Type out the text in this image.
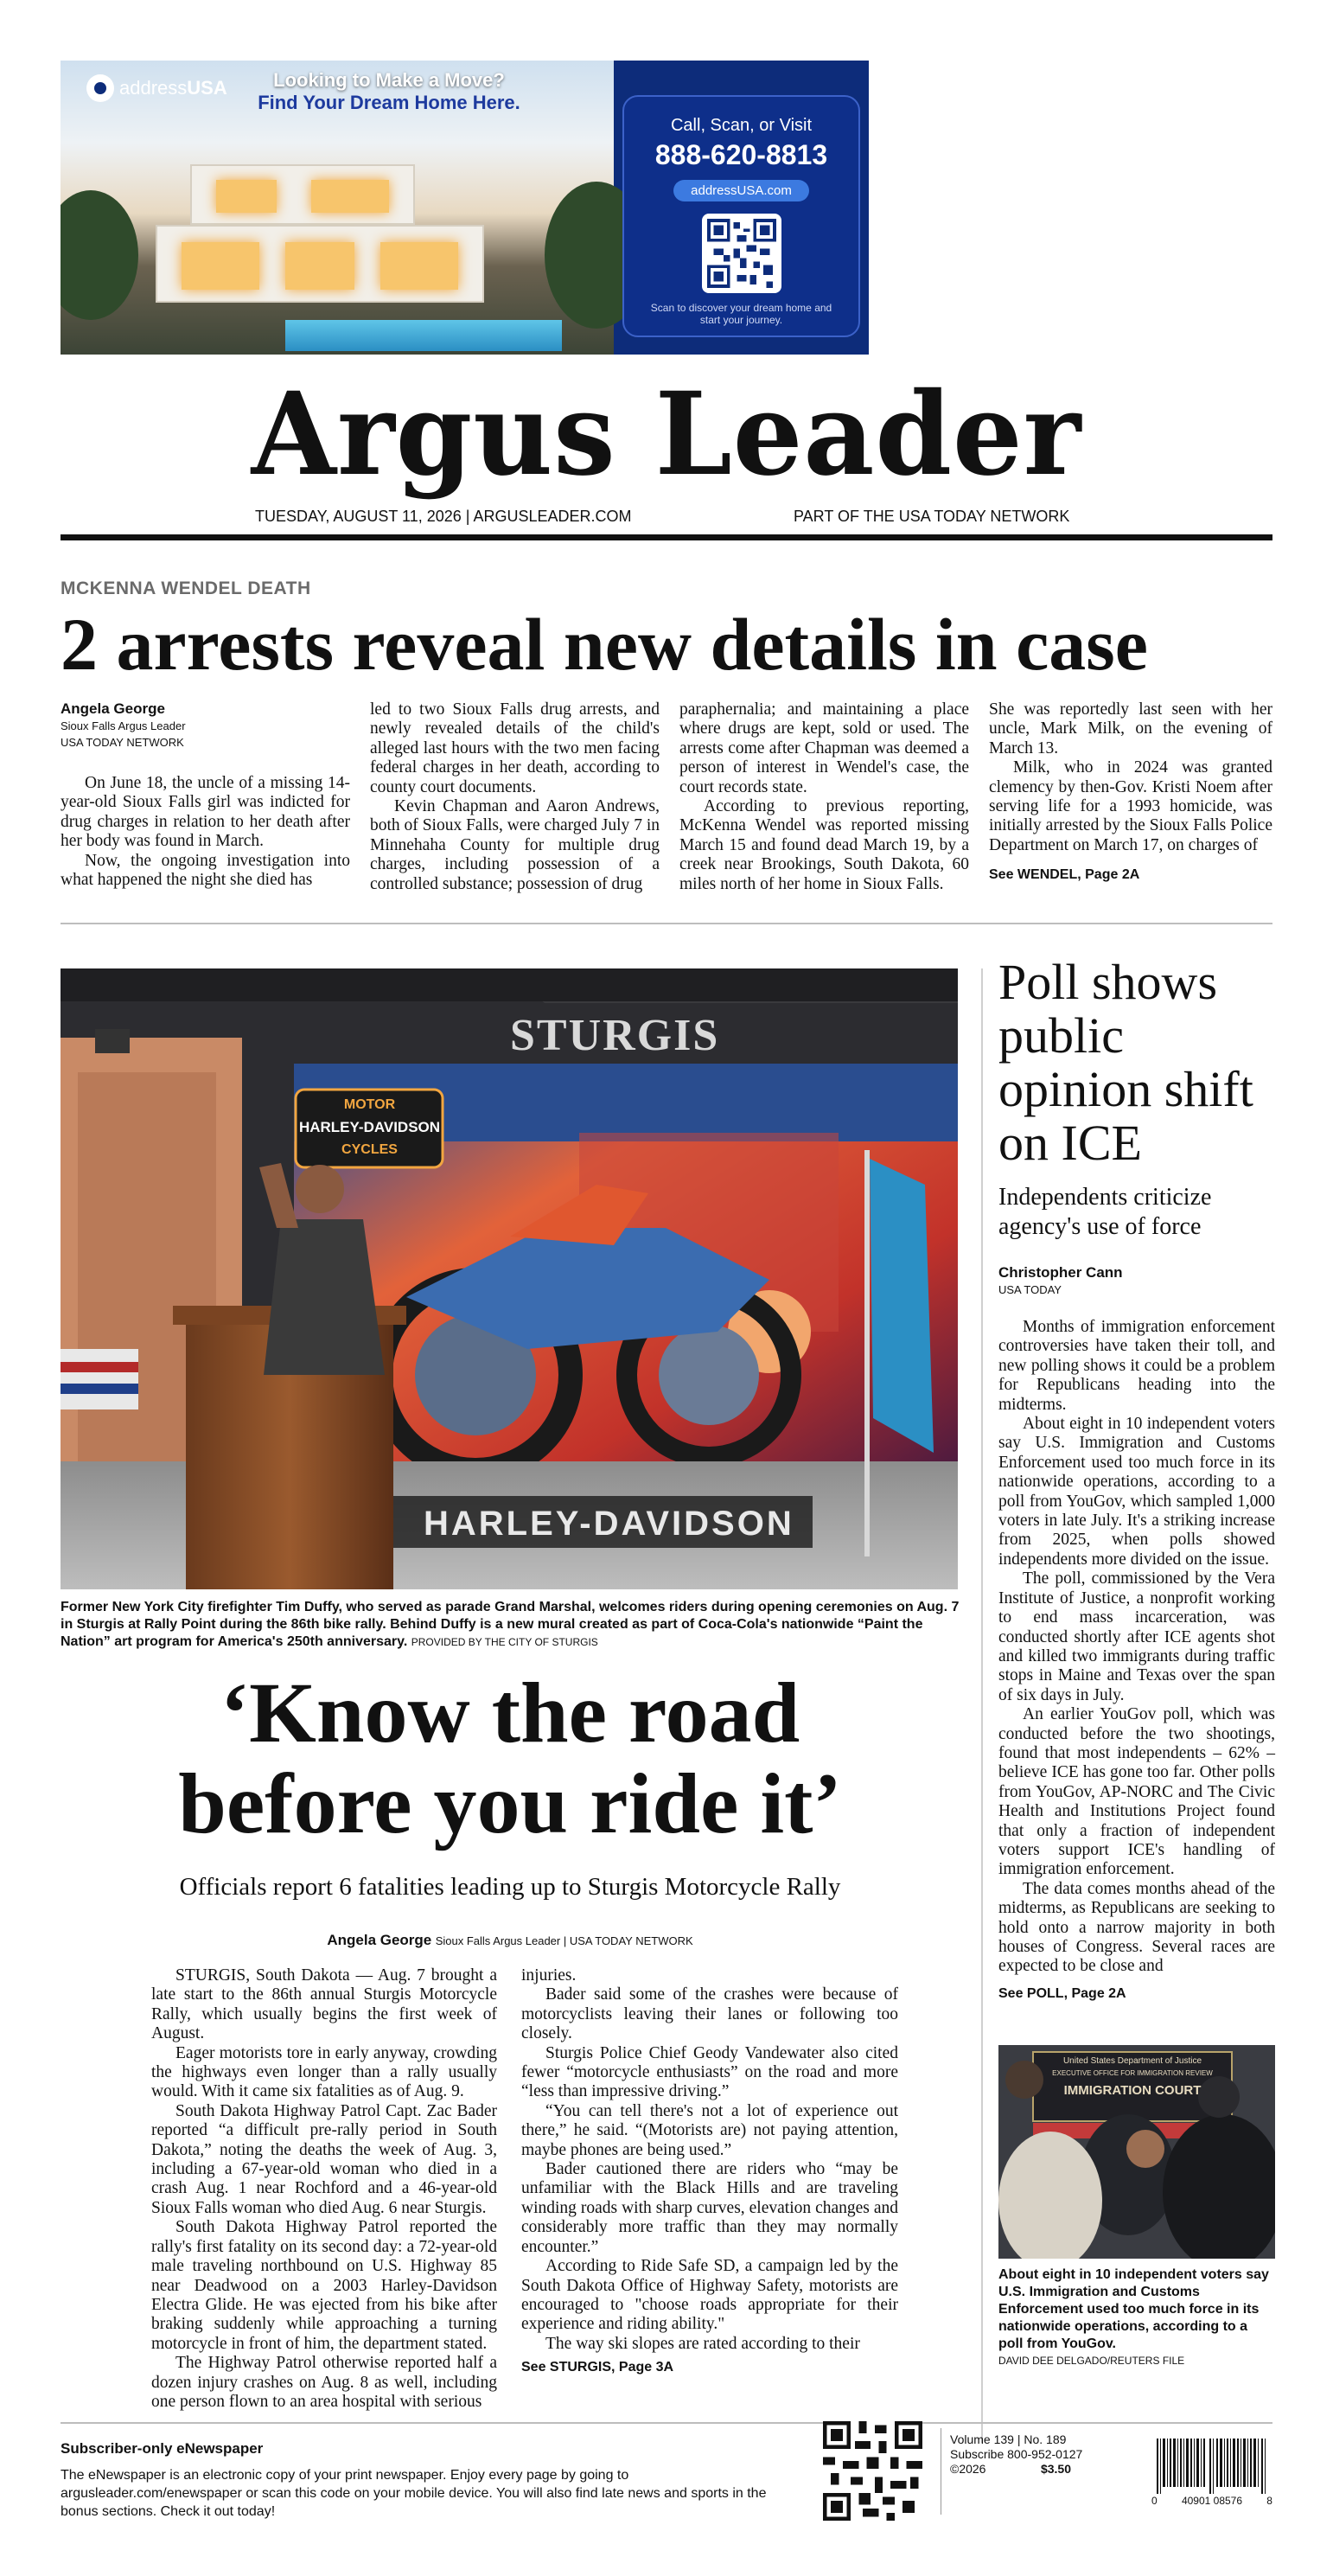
addressUSA	Looking to Make a Move?
Find Your Dream Home Here.
Call, Scan, or Visit
888-620-8813
addressUSA.com
Scan to discover your dream home and start your journey.
Argus Leader
TUESDAY, AUGUST 11, 2026 | ARGUSLEADER.COM	PART OF THE USA TODAY NETWORK
MCKENNA WENDEL DEATH
2 arrests reveal new details in case
Angela George
Sioux Falls Argus Leader
USA TODAY NETWORK

On June 18, the uncle of a missing 14-year-old Sioux Falls girl was indicted for drug charges in relation to her death after her body was found in March.

Now, the ongoing investigation into what happened the night she died has

led to two Sioux Falls drug arrests, and newly revealed details of the child's alleged last hours with the two men facing federal charges in her death, according to county court documents.

Kevin Chapman and Aaron Andrews, both of Sioux Falls, were charged July 7 in Minnehaha County for multiple drug charges, including possession of a controlled substance; possession of drug

paraphernalia; and maintaining a place where drugs are kept, sold or used. The arrests come after Chapman was deemed a person of interest in Wendel's case, the court records state.

According to previous reporting, McKenna Wendel was reported missing March 15 and found dead March 19, by a creek near Brookings, South Dakota, 60 miles north of her home in Sioux Falls.

She was reportedly last seen with her uncle, Mark Milk, on the evening of March 13.

Milk, who in 2024 was granted clemency by then-Gov. Kristi Noem after serving life for a 1993 homicide, was initially arrested by the Sioux Falls Police Department on March 17, on charges of

See WENDEL, Page 2A
STURGIS
MOTOR
HARLEY-DAVIDSON
CYCLES
HARLEY-DAVIDSON
Former New York City firefighter Tim Duffy, who served as parade Grand Marshal, welcomes riders during opening ceremonies on Aug. 7 in Sturgis at Rally Point during the 86th bike rally. Behind Duffy is a new mural created as part of Coca-Cola's nationwide “Paint the Nation” art program for America's 250th anniversary. PROVIDED BY THE CITY OF STURGIS
‘Know the road
before you ride it’
Officials report 6 fatalities leading up to Sturgis Motorcycle Rally
Angela George Sioux Falls Argus Leader | USA TODAY NETWORK

STURGIS, South Dakota — Aug. 7 brought a late start to the 86th annual Sturgis Motorcycle Rally, which usually begins the first week of August.

Eager motorists tore in early anyway, crowding the highways even longer than a rally usually would. With it came six fatalities as of Aug. 9.

South Dakota Highway Patrol Capt. Zac Bader reported “a difficult pre-rally period in South Dakota,” noting the deaths the week of Aug. 3, including a 67-year-old woman who died in a crash Aug. 1 near Rochford and a 46-year-old Sioux Falls woman who died Aug. 6 near Sturgis.

South Dakota Highway Patrol reported the rally's first fatality on its second day: a 72-year-old male traveling northbound on U.S. Highway 85 near Deadwood on a 2003 Harley-Davidson Electra Glide. He was ejected from his bike after braking suddenly while approaching a turning motorcycle in front of him, the department stated.

The Highway Patrol otherwise reported half a dozen injury crashes on Aug. 8 as well, including one person flown to an area hospital with serious

injuries.

Bader said some of the crashes were because of motorcyclists leaving their lanes or following too closely.

Sturgis Police Chief Geody Vandewater also cited fewer “motorcycle enthusiasts” on the road and more “less than impressive driving.”

“You can tell there's not a lot of experience out there,” he said. “(Motorists are) not paying attention, maybe phones are being used.”

Bader cautioned there are riders who “may be unfamiliar with the Black Hills and are traveling winding roads with sharp curves, elevation changes and considerably more traffic than they may normally encounter.”

According to Ride Safe SD, a campaign led by the South Dakota Office of Highway Safety, motorists are encouraged to "choose roads appropriate for their experience and riding ability."

The way ski slopes are rated according to their

See STURGIS, Page 3A
Poll shows public opinion shift on ICE
Independents criticize agency's use of force
Christopher Cann
USA TODAY

Months of immigration enforcement controversies have taken their toll, and new polling shows it could be a problem for Republicans heading into the midterms.

About eight in 10 independent voters say U.S. Immigration and Customs Enforcement used too much force in its nationwide operations, according to a poll from YouGov, which sampled 1,000 voters in late July. It's a striking increase from 2025, when polls showed independents more divided on the issue.

The poll, commissioned by the Vera Institute of Justice, a nonprofit working to end mass incarceration, was conducted shortly after ICE agents shot and killed two immigrants during traffic stops in Maine and Texas over the span of six days in July.

An earlier YouGov poll, which was conducted before the two shootings, found that most independents – 62% – believe ICE has gone too far. Other polls from YouGov, AP-NORC and The Civic Health and Institutions Project found that only a fraction of independent voters support ICE's handling of immigration enforcement.

The data comes months ahead of the midterms, as Republicans are seeking to hold onto a narrow majority in both houses of Congress. Several races are expected to be close and

See POLL, Page 2A
United States Department of Justice
EXECUTIVE OFFICE FOR IMMIGRATION REVIEW
IMMIGRATION COURT
About eight in 10 independent voters say U.S. Immigration and Customs Enforcement used too much force in its nationwide operations, according to a poll from YouGov.
DAVID DEE DELGADO/REUTERS FILE
Subscriber-only eNewspaper
The eNewspaper is an electronic copy of your print newspaper. Enjoy every page by going to argusleader.com/enewspaper or scan this code on your mobile device. You will also find late news and sports in the bonus sections. Check it out today!
Volume 139 | No. 189
Subscribe 800-952-0127
©2026	$3.50
0 40901 08576 8
